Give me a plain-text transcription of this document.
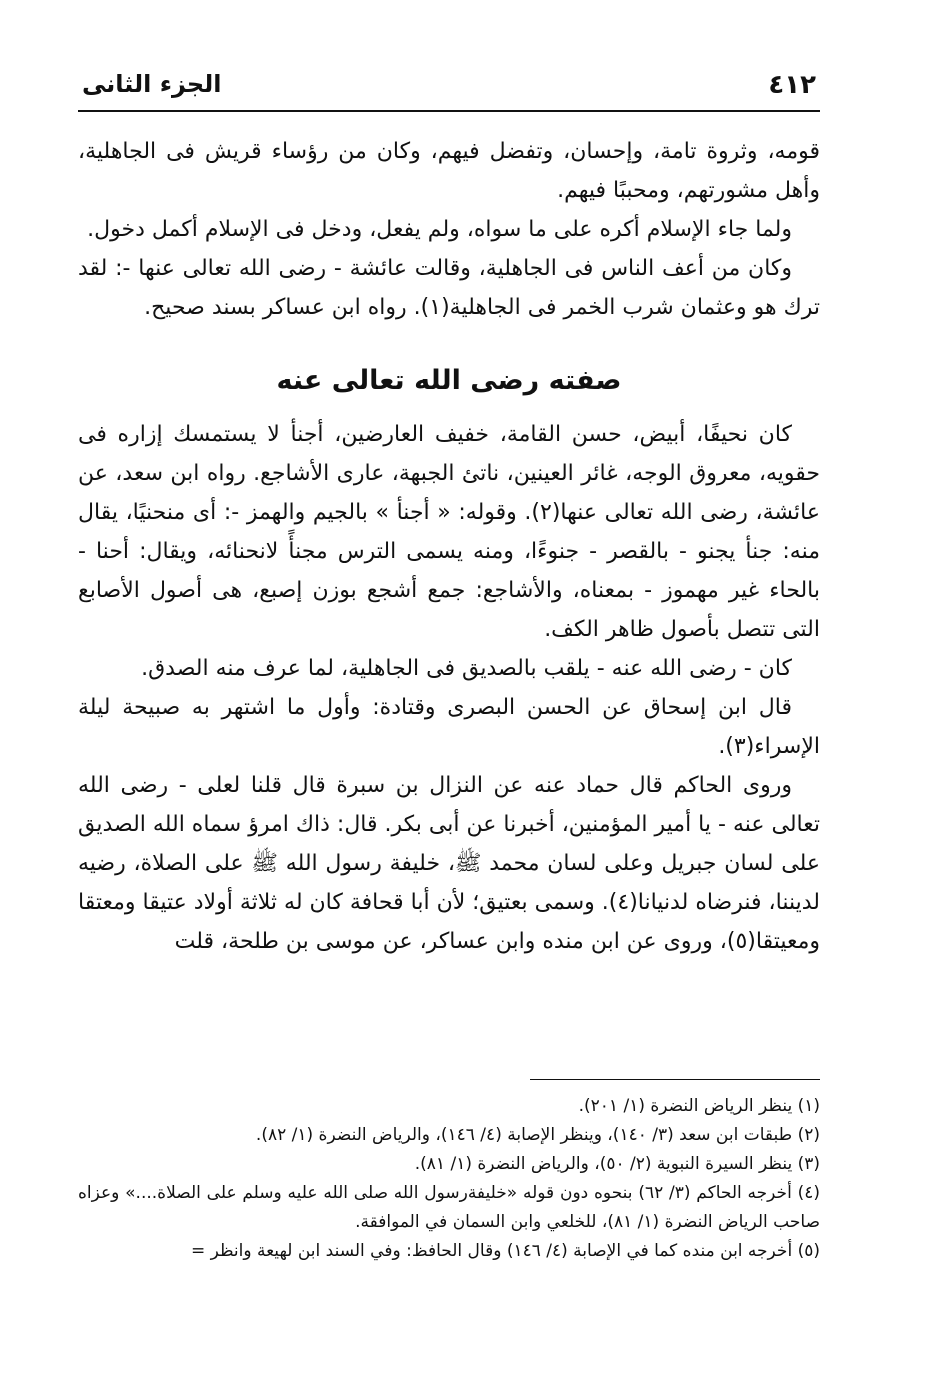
٤١٢
الجزء الثانى

قومه، وثروة تامة، وإحسان، وتفضل فيهم، وكان من رؤساء قريش فى الجاهلية، وأهل مشورتهم، ومحببًا فيهم.

ولما جاء الإسلام أكره على ما سواه، ولم يفعل، ودخل فى الإسلام أكمل دخول.

وكان من أعف الناس فى الجاهلية، وقالت عائشة - رضى الله تعالى عنها -: لقد ترك هو وعثمان شرب الخمر فى الجاهلية(١). رواه ابن عساكر بسند صحيح.

صفته رضى الله تعالى عنه

كان نحيفًا، أبيض، حسن القامة، خفيف العارضين، أجنأ لا يستمسك إزاره فى حقويه، معروق الوجه، غائر العينين، ناتئ الجبهة، عارى الأشاجع. رواه ابن سعد، عن عائشة، رضى الله تعالى عنها(٢). وقوله: « أجنأ » بالجيم والهمز -: أى منحنيًا، يقال منه: جنأ يجنو - بالقصر - جنوءًا، ومنه يسمى الترس مجنأً لانحنائه، ويقال: أحنا - بالحاء غير مهموز - بمعناه، والأشاجع: جمع أشجع بوزن إصبع، هى أصول الأصابع التى تتصل بأصول ظاهر الكف.

كان - رضى الله عنه - يلقب بالصديق فى الجاهلية، لما عرف منه الصدق.

قال ابن إسحاق عن الحسن البصرى وقتادة: وأول ما اشتهر به صبيحة ليلة الإسراء(٣).

وروى الحاكم قال حماد عنه عن النزال بن سبرة قال قلنا لعلى - رضى الله تعالى عنه - يا أمير المؤمنين، أخبرنا عن أبى بكر. قال: ذاك امرؤ سماه الله الصديق على لسان جبريل وعلى لسان محمد ﷺ، خليفة رسول الله ﷺ على الصلاة، رضيه لديننا، فنرضاه لدنيانا(٤). وسمى بعتيق؛ لأن أبا قحافة كان له ثلاثة أولاد عتيقا ومعتقا ومعيتقا(٥)، وروى عن ابن منده وابن عساكر، عن موسى بن طلحة، قلت

(١) ينظر الرياض النضرة (١/ ٢٠١).

(٢) طبقات ابن سعد (٣/ ١٤٠)، وينظر الإصابة (٤/ ١٤٦)، والرياض النضرة (١/ ٨٢).

(٣) ينظر السيرة النبوية (٢/ ٥٠)، والرياض النضرة (١/ ٨١).

(٤) أخرجه الحاكم (٣/ ٦٢) بنحوه دون قوله «خليفةرسول الله صلى الله عليه وسلم على الصلاة....» وعزاه صاحب الرياض النضرة (١/ ٨١)، للخلعي وابن السمان في الموافقة.

(٥) أخرجه ابن منده كما في الإصابة (٤/ ١٤٦) وقال الحافظ: وفي السند ابن لهيعة وانظر =
